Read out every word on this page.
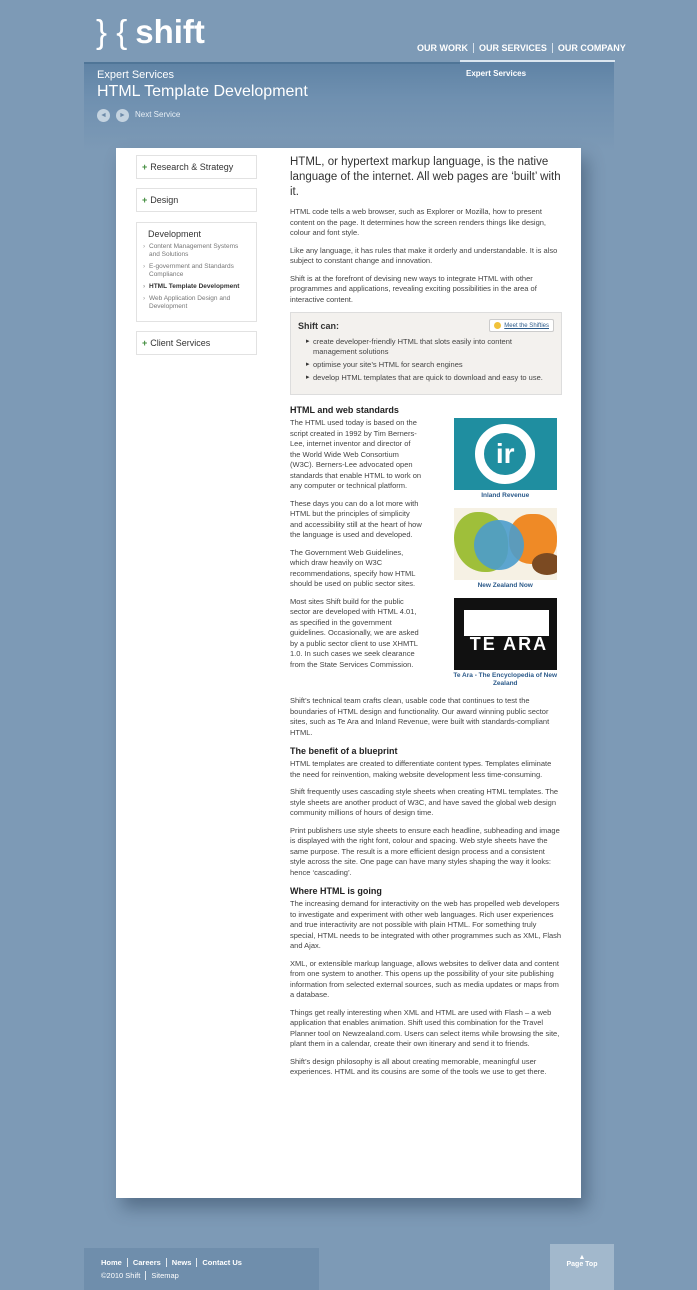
} { shift	OUR WORK	OUR SERVICES	OUR COMPANY
Expert Services
Expert Services
HTML Template Development
◄	►	Next Service
+ Research & Strategy
+ Design
Development
› Content Management Systems and Solutions
› E-government and Standards Compliance
› HTML Template Development
› Web Application Design and Development
+ Client Services
HTML, or hypertext markup language, is the native language of the internet. All web pages are ‘built’ with it.

HTML code tells a web browser, such as Explorer or Mozilla, how to present content on the page. It determines how the screen renders things like design, colour and font style.

Like any language, it has rules that make it orderly and understandable. It is also subject to constant change and innovation.

Shift is at the forefront of devising new ways to integrate HTML with other programmes and applications, revealing exciting possibilities in the area of interactive content.

Shift can:	Meet the Shifties
▸ create developer-friendly HTML that slots easily into content management solutions
▸ optimise your site’s HTML for search engines
▸ develop HTML templates that are quick to download and easy to use.
HTML and web standards

The HTML used today is based on the script created in 1992 by Tim Berners-Lee, internet inventor and director of the World Wide Web Consortium (W3C). Berners-Lee advocated open standards that enable HTML to work on any computer or technical platform.

These days you can do a lot more with HTML but the principles of simplicity and accessibility still at the heart of how the language is used and developed.

The Government Web Guidelines, which draw heavily on W3C recommendations, specify how HTML should be used on public sector sites.

Most sites Shift build for the public sector are developed with HTML 4.01, as specified in the government guidelines. Occasionally, we are asked by a public sector client to use XHMTL 1.0. In such cases we seek clearance from the State Services Commission.

ir
Inland Revenue
New Zealand Now
TE ARA
Te Ara - The Encyclopedia of New Zealand

Shift’s technical team crafts clean, usable code that continues to test the boundaries of HTML design and functionality. Our award winning public sector sites, such as Te Ara and Inland Revenue, were built with standards-compliant HTML.

The benefit of a blueprint

HTML templates are created to differentiate content types. Templates eliminate the need for reinvention, making website development less time-consuming.

Shift frequently uses cascading style sheets when creating HTML templates. The style sheets are another product of W3C, and have saved the global web design community millions of hours of design time.

Print publishers use style sheets to ensure each headline, subheading and image is displayed with the right font, colour and spacing. Web style sheets have the same purpose. The result is a more efficient design process and a consistent style across the site. One page can have many styles shaping the way it looks: hence ‘cascading’.

Where HTML is going

The increasing demand for interactivity on the web has propelled web developers to investigate and experiment with other web languages. Rich user experiences and true interactivity are not possible with plain HTML. For something truly special, HTML needs to be integrated with other programmes such as XML, Flash and Ajax.

XML, or extensible markup language, allows websites to deliver data and content from one system to another. This opens up the possibility of your site publishing information from selected external sources, such as media updates or maps from a database.

Things get really interesting when XML and HTML are used with Flash – a web application that enables animation. Shift used this combination for the Travel Planner tool on Newzealand.com. Users can select items while browsing the site, plant them in a calendar, create their own itinerary and send it to friends.

Shift’s design philosophy is all about creating memorable, meaningful user experiences. HTML and its cousins are some of the tools we use to get there.

Home	Careers	News	Contact Us
©2010 Shift	Sitemap
▲
Page Top
